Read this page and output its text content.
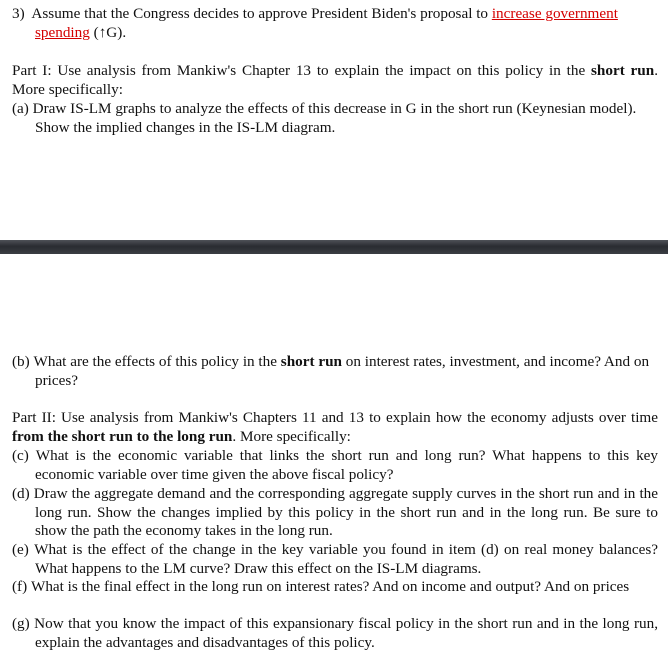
3) Assume that the Congress decides to approve President Biden's proposal to increase government spending (↑G).
Part I: Use analysis from Mankiw's Chapter 13 to explain the impact on this policy in the short run. More specifically:
(a) Draw IS-LM graphs to analyze the effects of this decrease in G in the short run (Keynesian model). Show the implied changes in the IS-LM diagram.
(b) What are the effects of this policy in the short run on interest rates, investment, and income? And on prices?
Part II: Use analysis from Mankiw's Chapters 11 and 13 to explain how the economy adjusts over time from the short run to the long run. More specifically:
(c) What is the economic variable that links the short run and long run? What happens to this key economic variable over time given the above fiscal policy?
(d) Draw the aggregate demand and the corresponding aggregate supply curves in the short run and in the long run. Show the changes implied by this policy in the short run and in the long run. Be sure to show the path the economy takes in the long run.
(e) What is the effect of the change in the key variable you found in item (d) on real money balances? What happens to the LM curve? Draw this effect on the IS-LM diagrams.
(f) What is the final effect in the long run on interest rates? And on income and output? And on prices
(g) Now that you know the impact of this expansionary fiscal policy in the short run and in the long run, explain the advantages and disadvantages of this policy.
